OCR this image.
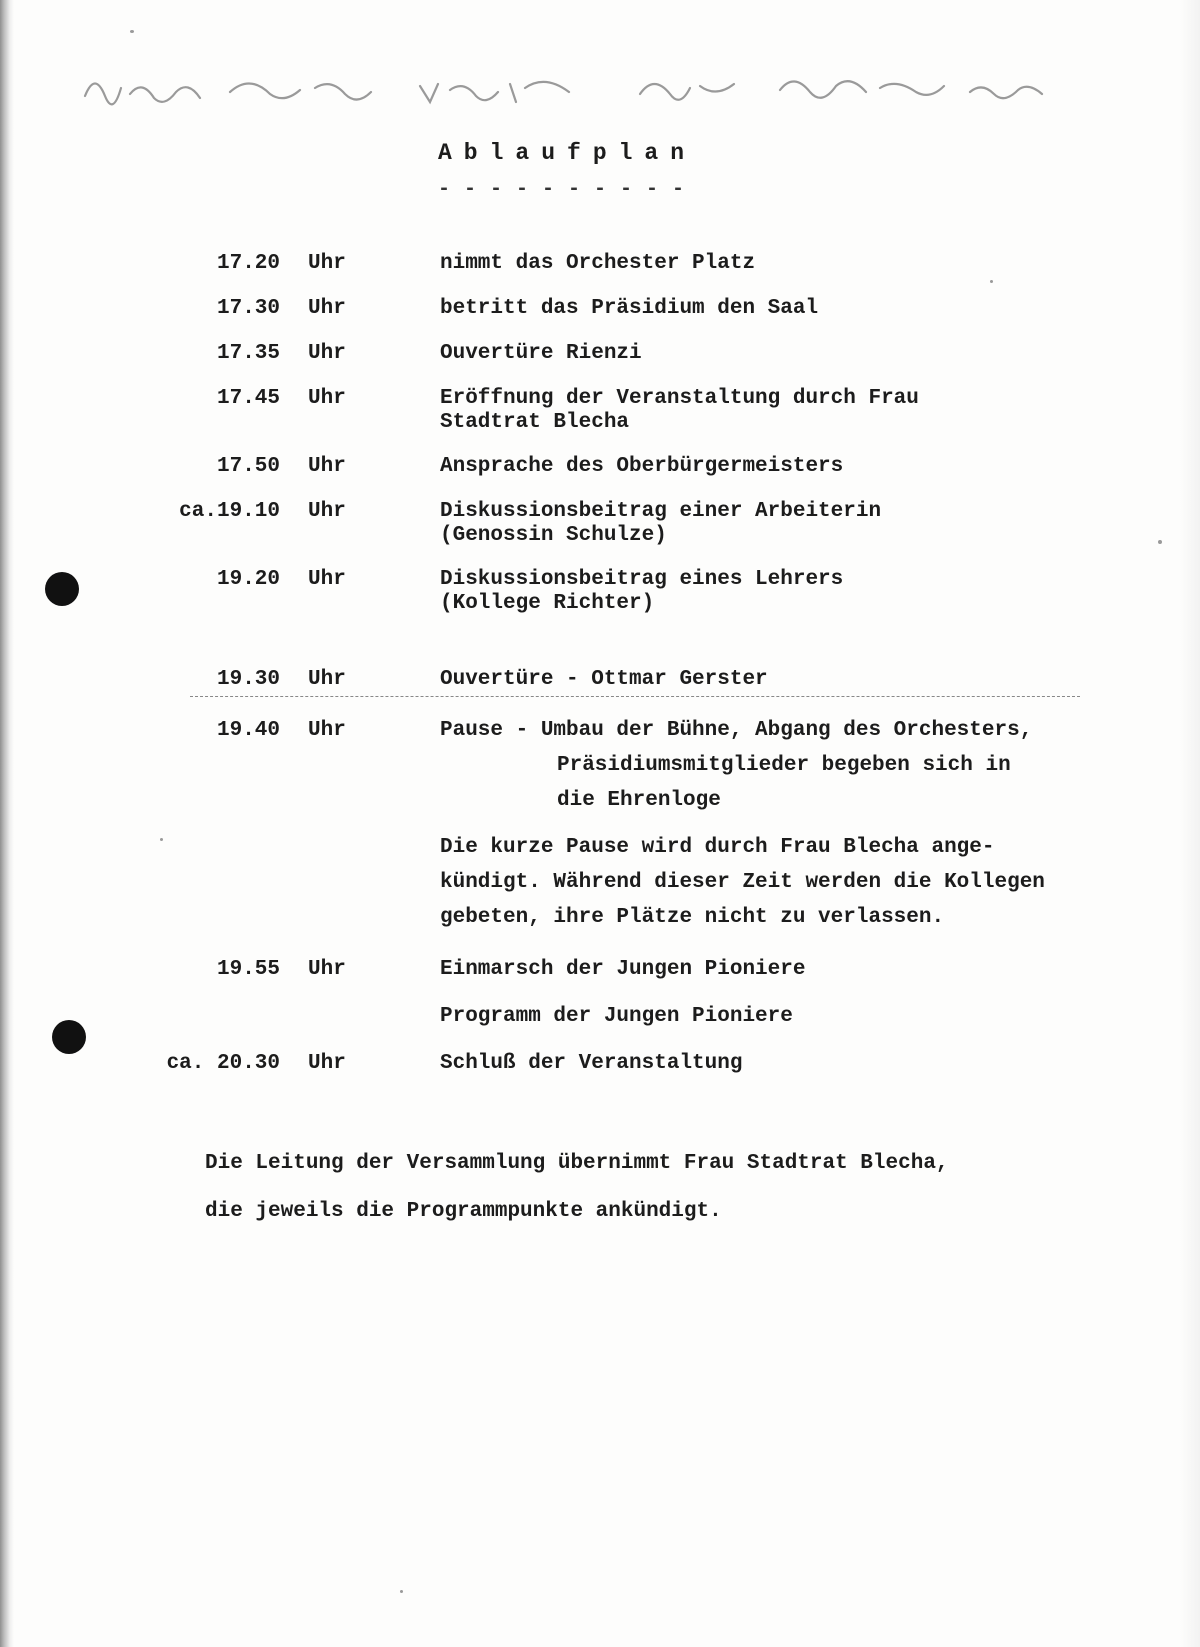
Ablaufplan
- - - - - - - - - -
17.20 Uhr	nimmt das Orchester Platz
17.30 Uhr	betritt das Präsidium den Saal
17.35 Uhr	Ouvertüre Rienzi
17.45 Uhr	Eröffnung der Veranstaltung durch Frau
Stadtrat Blecha
17.50 Uhr	Ansprache des Oberbürgermeisters
ca.19.10 Uhr	Diskussionsbeitrag einer Arbeiterin
(Genossin Schulze)
19.20 Uhr	Diskussionsbeitrag eines Lehrers
(Kollege Richter)
19.30 Uhr	Ouvertüre - Ottmar Gerster
19.40 Uhr	Pause - Umbau der Bühne, Abgang des Orchesters,
Präsidiumsmitglieder begeben sich in
die Ehrenloge
Die kurze Pause wird durch Frau Blecha ange-
kündigt. Während dieser Zeit werden die Kollegen
gebeten, ihre Plätze nicht zu verlassen.
19.55 Uhr	Einmarsch der Jungen Pioniere
Programm der Jungen Pioniere
ca. 20.30 Uhr	Schluß der Veranstaltung
Die Leitung der Versammlung übernimmt Frau Stadtrat Blecha,
die jeweils die Programmpunkte ankündigt.
